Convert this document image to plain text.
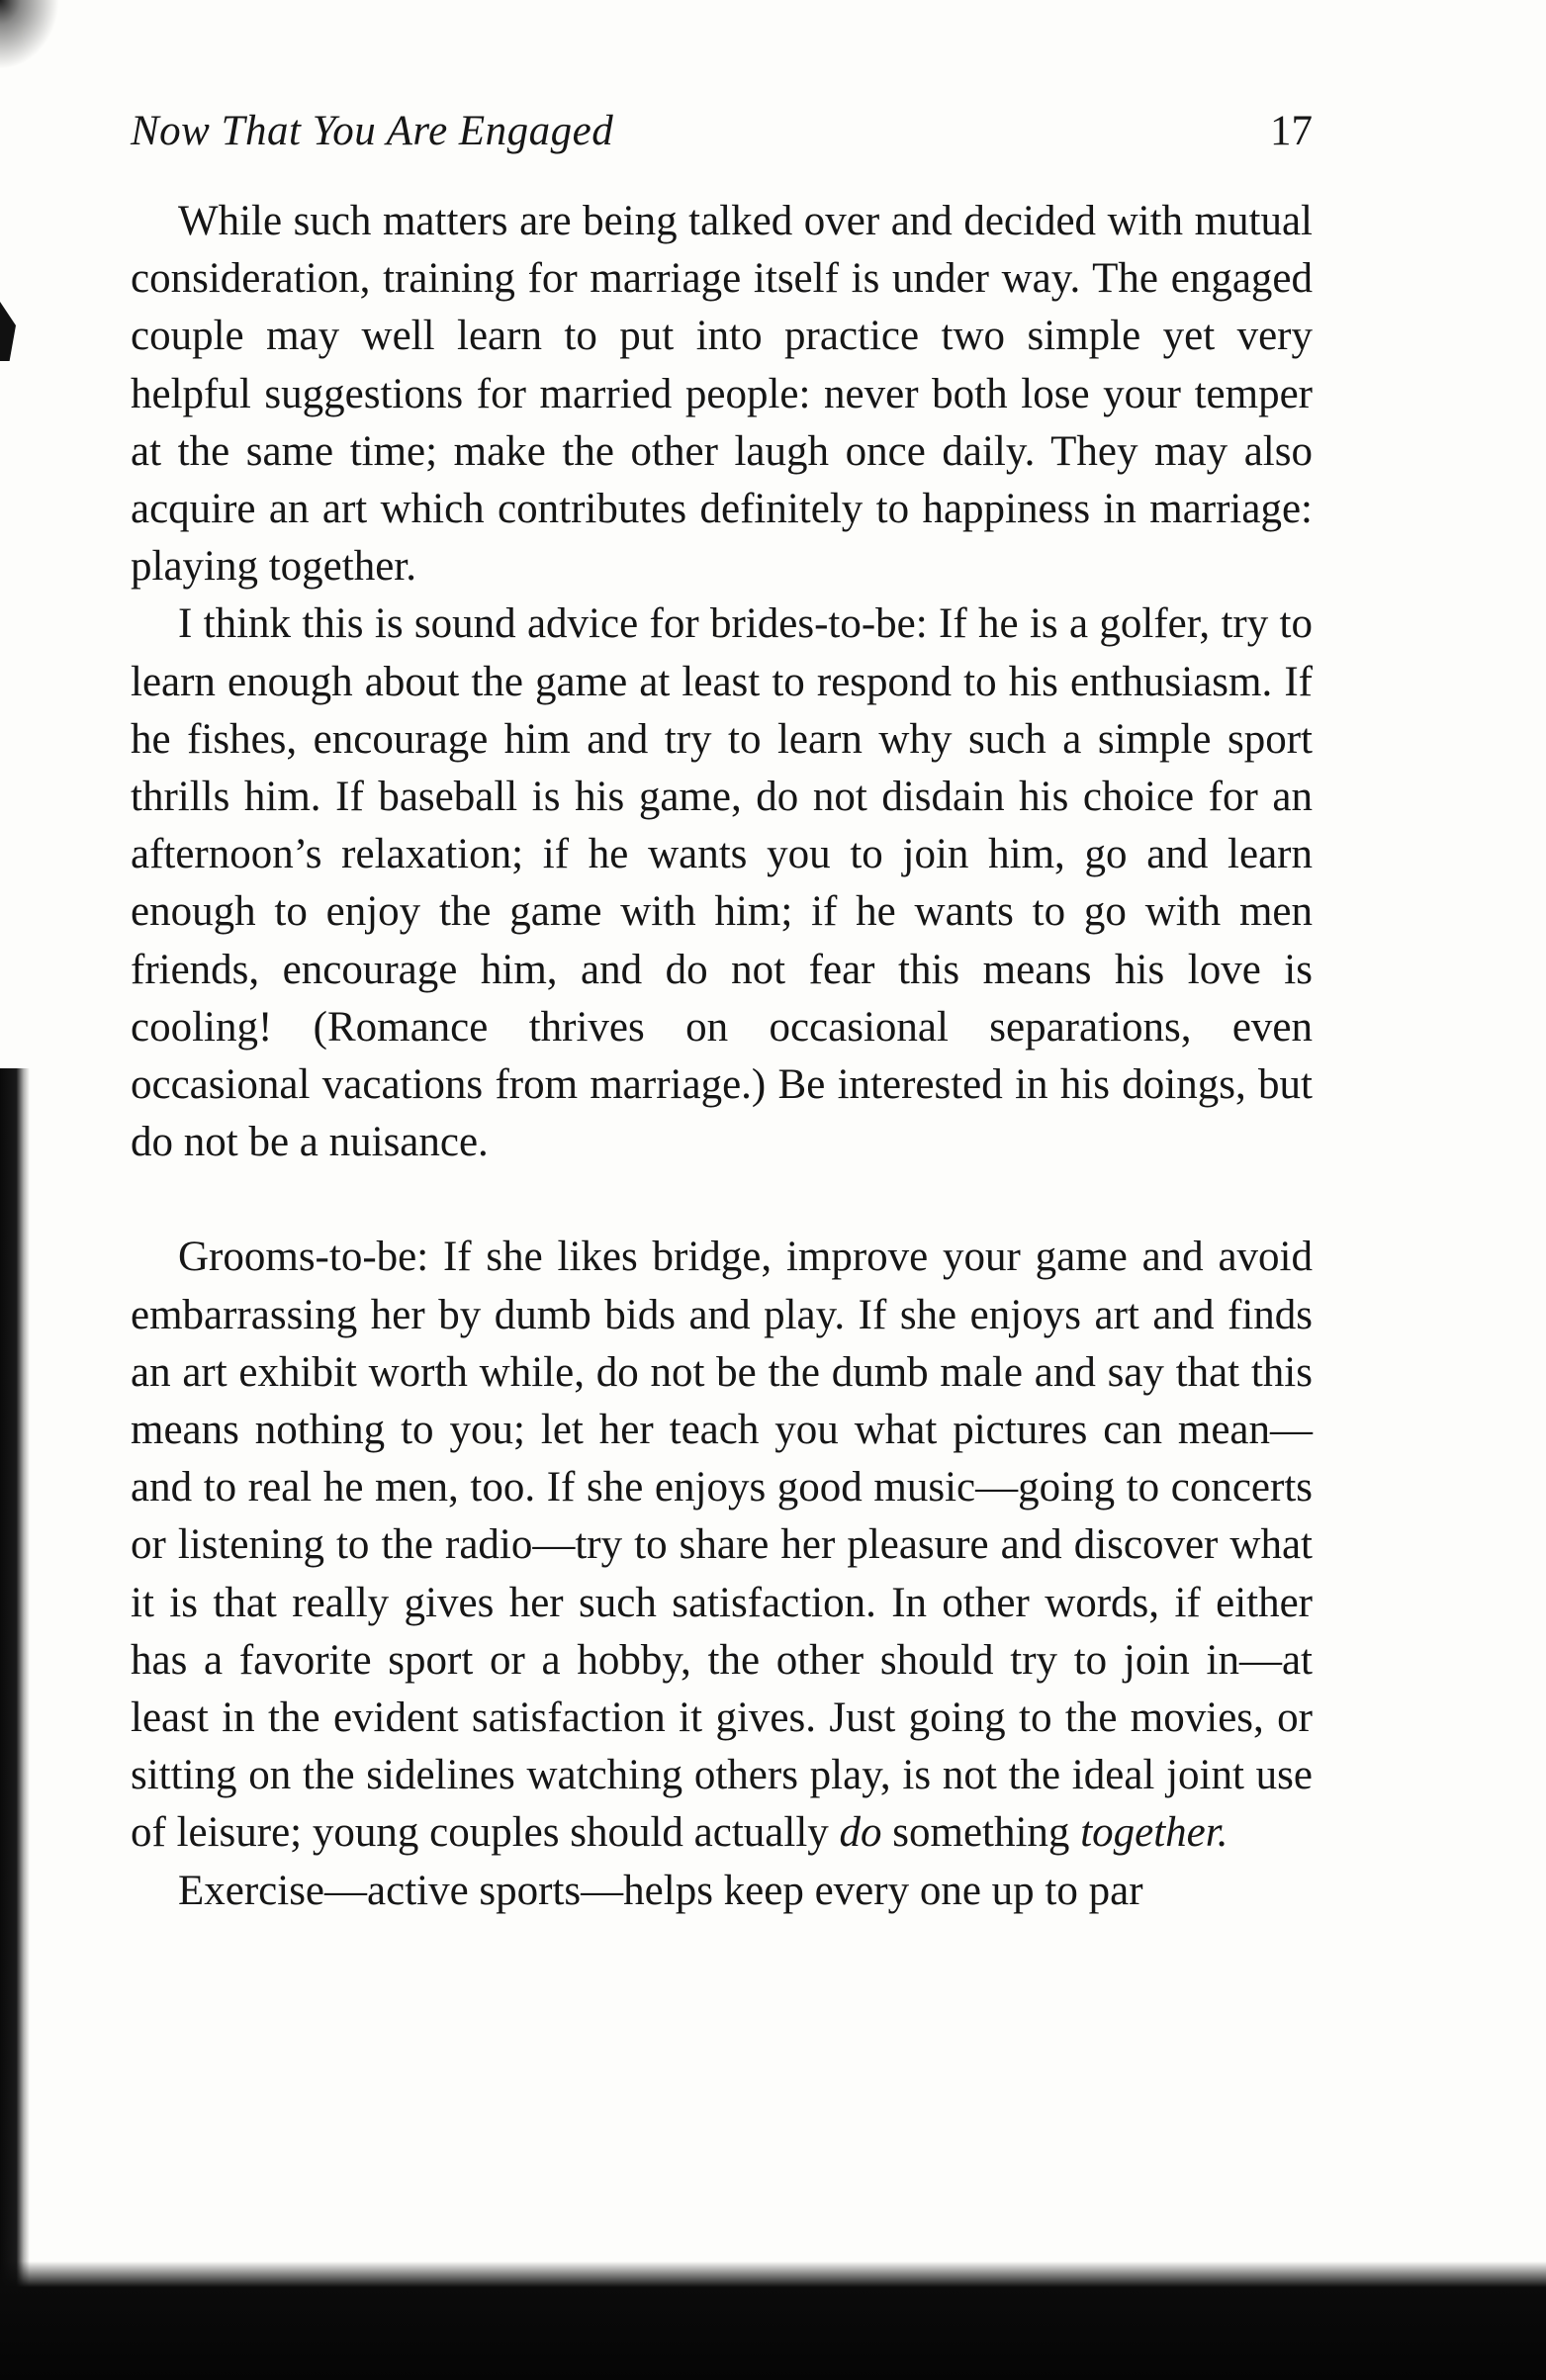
Now That You Are Engaged	17

While such matters are being talked over and decided with mutual consideration, training for marriage itself is under way. The engaged couple may well learn to put into practice two simple yet very helpful suggestions for married people: never both lose your temper at the same time; make the other laugh once daily. They may also acquire an art which contributes definitely to happiness in marriage: playing together.

I think this is sound advice for brides-to-be: If he is a golfer, try to learn enough about the game at least to respond to his enthusiasm. If he fishes, encourage him and try to learn why such a simple sport thrills him. If baseball is his game, do not disdain his choice for an afternoon’s relaxation; if he wants you to join him, go and learn enough to enjoy the game with him; if he wants to go with men friends, encourage him, and do not fear this means his love is cooling! (Romance thrives on occasional separations, even occasional vacations from marriage.) Be interested in his doings, but do not be a nuisance.

Grooms-to-be: If she likes bridge, improve your game and avoid embarrassing her by dumb bids and play. If she enjoys art and finds an art exhibit worth while, do not be the dumb male and say that this means nothing to you; let her teach you what pictures can mean—and to real he men, too. If she enjoys good music—going to concerts or listening to the radio—try to share her pleasure and discover what it is that really gives her such satisfaction. In other words, if either has a favorite sport or a hobby, the other should try to join in—at least in the evident satisfaction it gives. Just going to the movies, or sitting on the sidelines watching others play, is not the ideal joint use of leisure; young couples should actually do something together.

Exercise—active sports—helps keep every one up to par
